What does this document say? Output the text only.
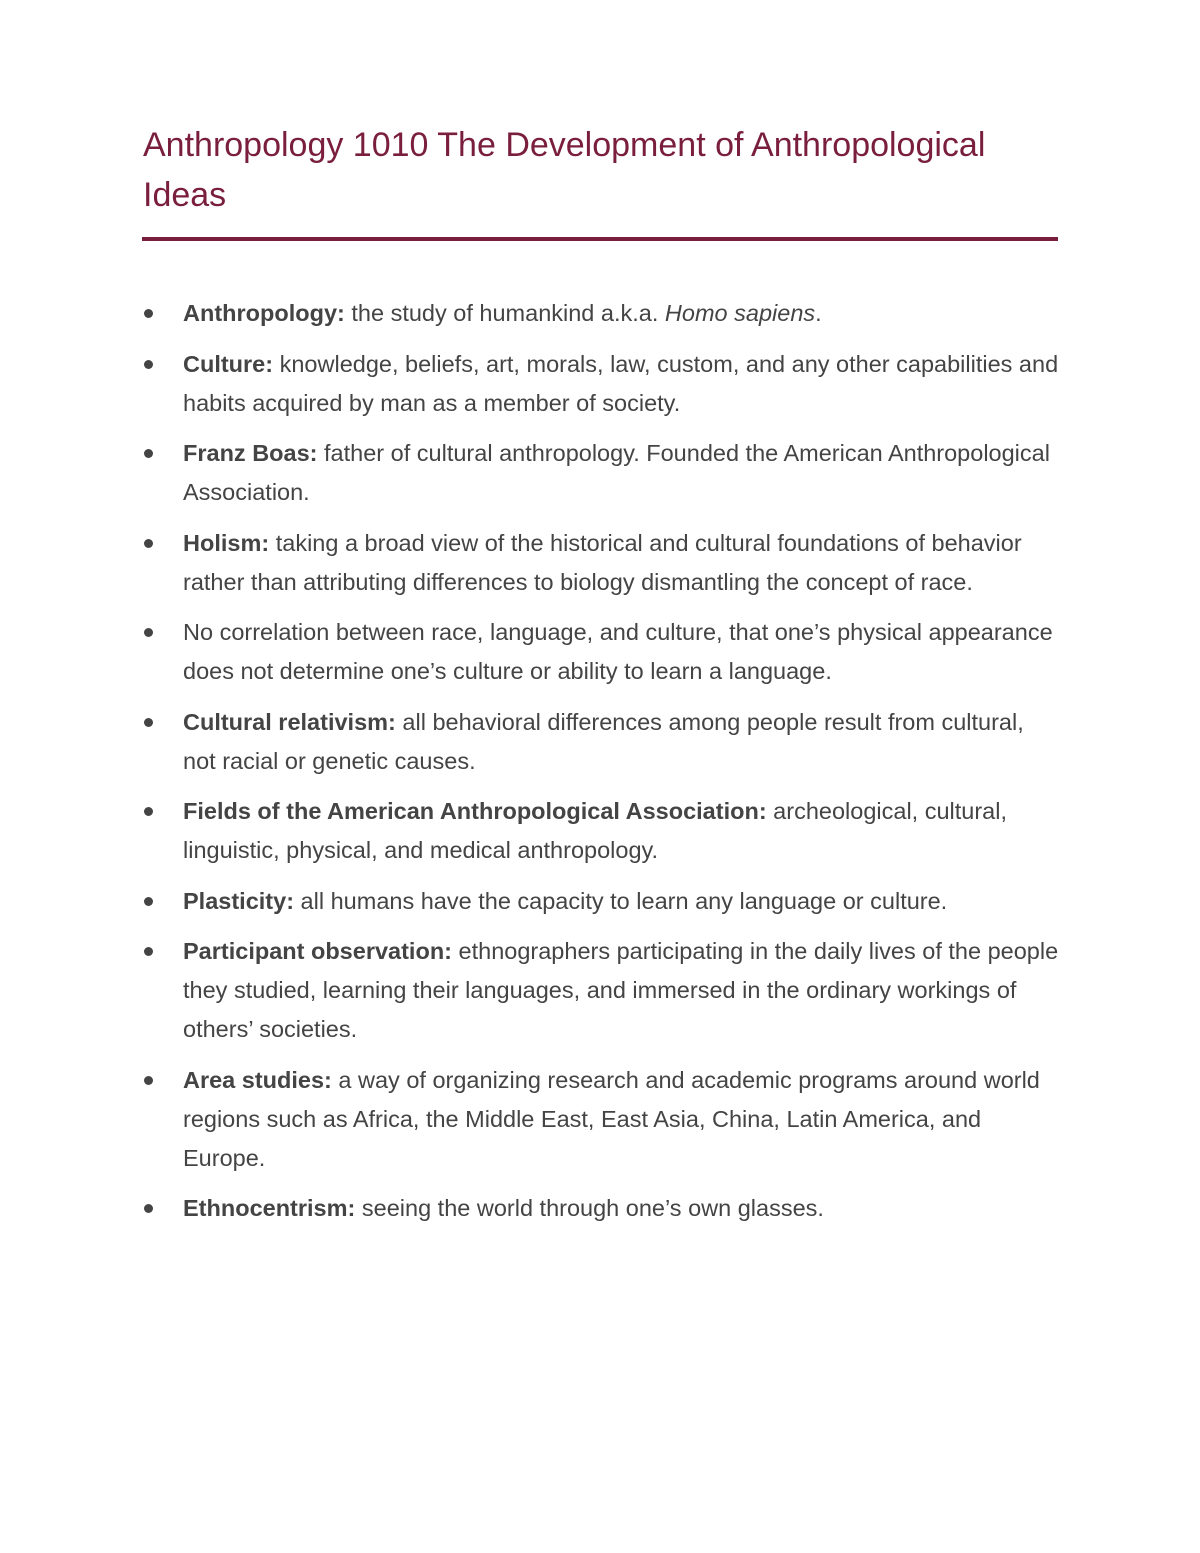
Anthropology 1010 The Development of Anthropological Ideas
Anthropology: the study of humankind a.k.a. Homo sapiens.
Culture: knowledge, beliefs, art, morals, law, custom, and any other capabilities and habits acquired by man as a member of society.
Franz Boas: father of cultural anthropology. Founded the American Anthropological Association.
Holism: taking a broad view of the historical and cultural foundations of behavior rather than attributing differences to biology dismantling the concept of race.
No correlation between race, language, and culture, that one’s physical appearance does not determine one’s culture or ability to learn a language.
Cultural relativism: all behavioral differences among people result from cultural, not racial or genetic causes.
Fields of the American Anthropological Association: archeological, cultural, linguistic, physical, and medical anthropology.
Plasticity: all humans have the capacity to learn any language or culture.
Participant observation: ethnographers participating in the daily lives of the people they studied, learning their languages, and immersed in the ordinary workings of others’ societies.
Area studies: a way of organizing research and academic programs around world regions such as Africa, the Middle East, East Asia, China, Latin America, and Europe.
Ethnocentrism: seeing the world through one’s own glasses.
